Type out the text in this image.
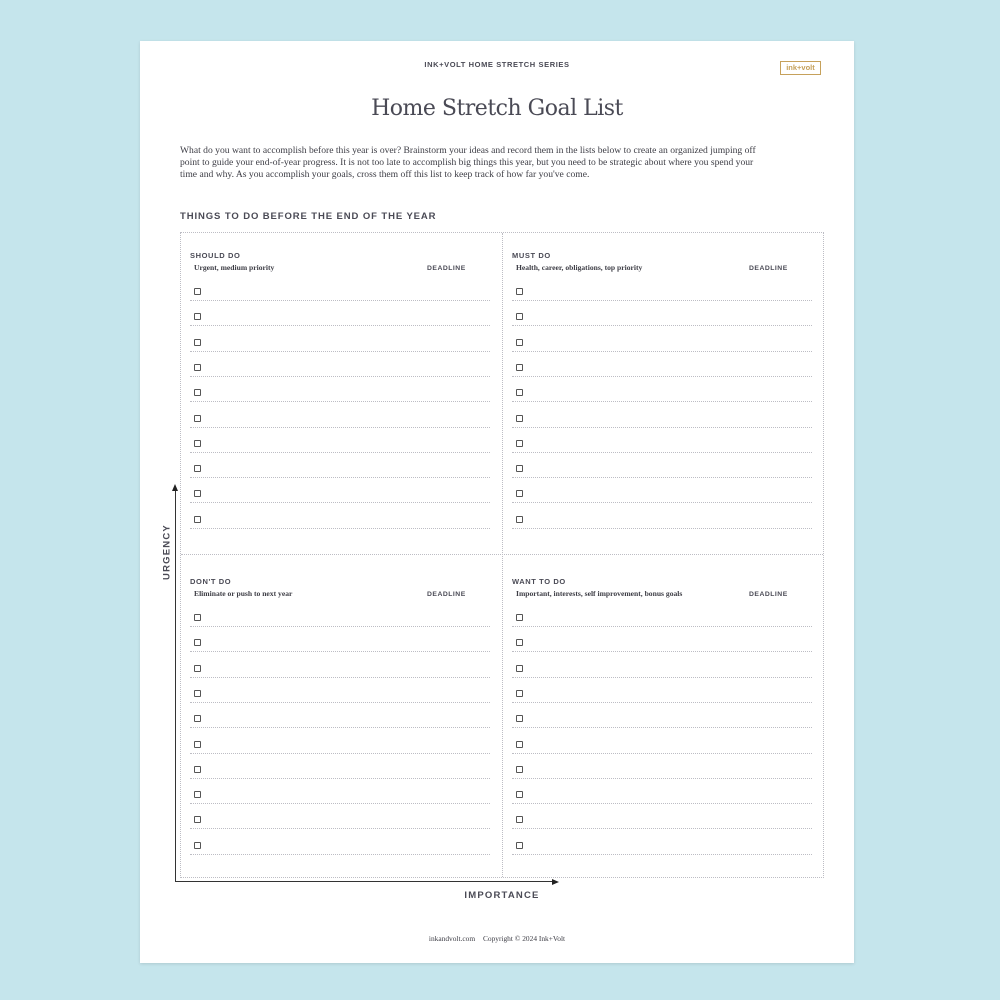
INK+VOLT HOME STRETCH SERIES	ink+volt
Home Stretch Goal List

What do you want to accomplish before this year is over? Brainstorm your ideas and record them in the lists below to create an organized jumping off point to guide your end-of-year progress. It is not too late to accomplish big things this year, but you need to be strategic about where you spend your time and why. As you accomplish your goals, cross them off this list to keep track of how far you've come.

THINGS TO DO BEFORE THE END OF THE YEAR
SHOULD DO
Urgent, medium priority	DEADLINE
MUST DO
Health, career, obligations, top priority	DEADLINE
DON'T DO
Eliminate or push to next year	DEADLINE
WANT TO DO
Important, interests, self improvement, bonus goals	DEADLINE
URGENCY
IMPORTANCE
inkandvolt.com Copyright © 2024 Ink+Volt
